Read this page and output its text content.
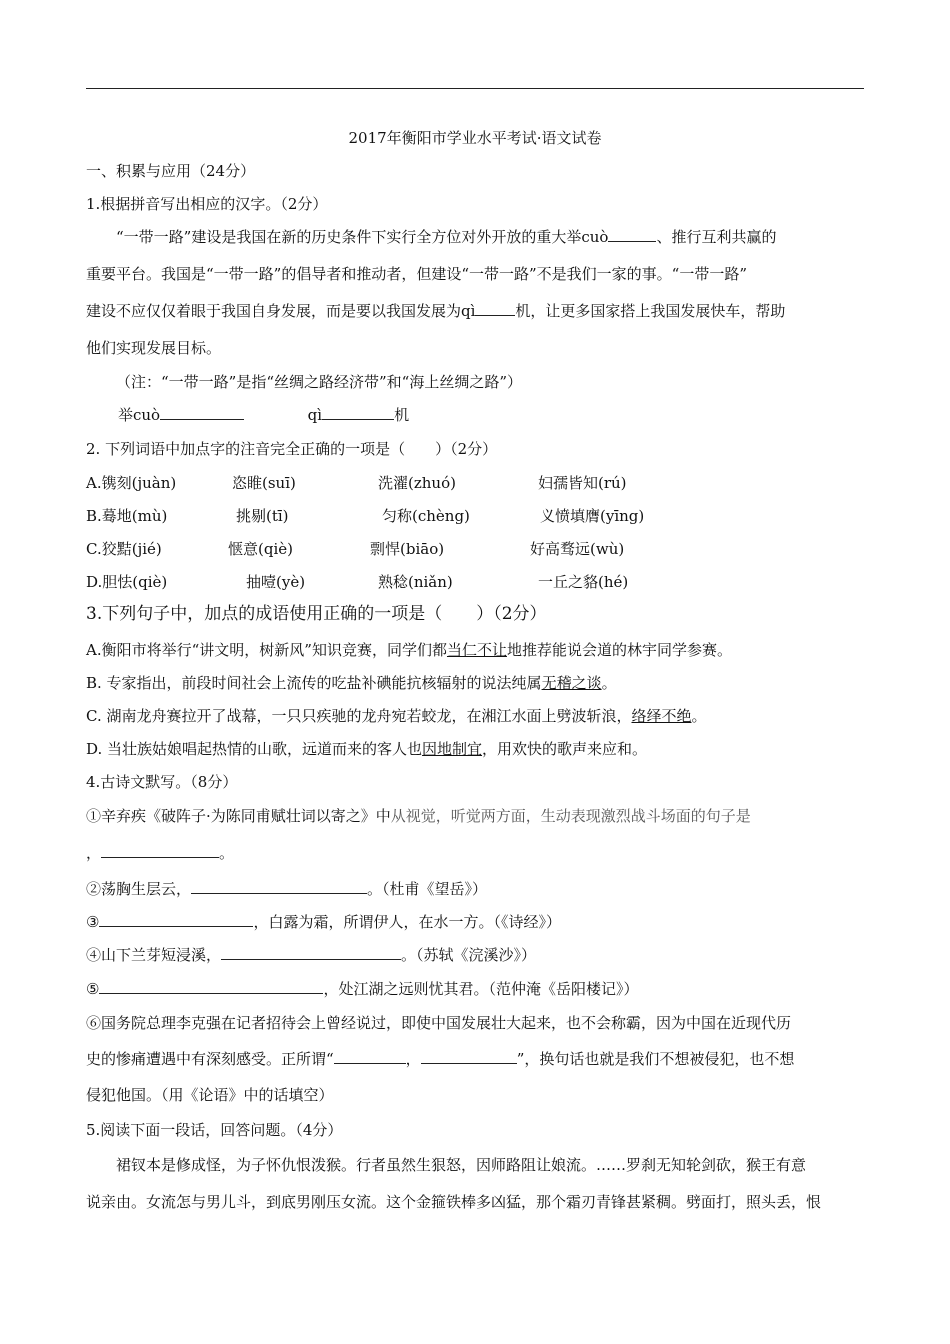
2017年衡阳市学业水平考试·语文试卷
一、积累与应用（24分）
1.根据拼音写出相应的汉字。（2分）
“一带一路”建设是我国在新的历史条件下实行全方位对外开放的重大举cuò	、推行互利共赢的
重要平台。我国是“一带一路”的倡导者和推动者，但建设“一带一路”不是我们一家的事。“一带一路”
建设不应仅仅着眼于我国自身发展，而是要以我国发展为qì	机，让更多国家搭上我国发展快车，帮助
他们实现发展目标。
（注：“一带一路”是指“丝绸之路经济带”和“海上丝绸之路”）
举cuò	qì	机
2. 下列词语中加点字的注音完全正确的一项是（　　）（2分）
A.镌刻(juàn)	恣睢(suī)	洗濯(zhuó)	妇孺皆知(rú)
B.蓦地(mù)	挑剔(tī)	匀称(chèng)	义愤填膺(yīng)
C.狡黠(jié)	惬意(qiè)	剽悍(biāo)	好高骛远(wù)
D.胆怯(qiè)	抽噎(yè)	熟稔(niǎn)	一丘之貉(hé)
3.下列句子中，加点的成语使用正确的一项是（　　）（2分）
A.衡阳市将举行“讲文明，树新风”知识竞赛，同学们都当仁不让地推荐能说会道的林宇同学参赛。
B. 专家指出，前段时间社会上流传的吃盐补碘能抗核辐射的说法纯属无稽之谈。
C. 湖南龙舟赛拉开了战幕，一只只疾驰的龙舟宛若蛟龙，在湘江水面上劈波斩浪，络绎不绝。
D. 当壮族姑娘唱起热情的山歌，远道而来的客人也因地制宜，用欢快的歌声来应和。
4.古诗文默写。（8分）
①辛弃疾《破阵子·为陈同甫赋壮词以寄之》中从视觉，听觉两方面，生动表现激烈战斗场面的句子是
，	。
②荡胸生层云，	。（杜甫《望岳》）
③	，白露为霜，所谓伊人，在水一方。（《诗经》）
④山下兰芽短浸溪，	。（苏轼《浣溪沙》）
⑤	，处江湖之远则忧其君。（范仲淹《岳阳楼记》）
⑥国务院总理李克强在记者招待会上曾经说过，即使中国发展壮大起来，也不会称霸，因为中国在近现代历
史的惨痛遭遇中有深刻感受。正所谓“	，	”，换句话也就是我们不想被侵犯，也不想
侵犯他国。（用《论语》中的话填空）
5.阅读下面一段话，回答问题。（4分）
裙钗本是修成怪，为子怀仇恨泼猴。行者虽然生狠怒，因师路阻让娘流。……罗刹无知轮剑砍，猴王有意
说亲由。女流怎与男儿斗，到底男刚压女流。这个金箍铁棒多凶猛，那个霜刃青锋甚紧稠。劈面打，照头丢，恨
